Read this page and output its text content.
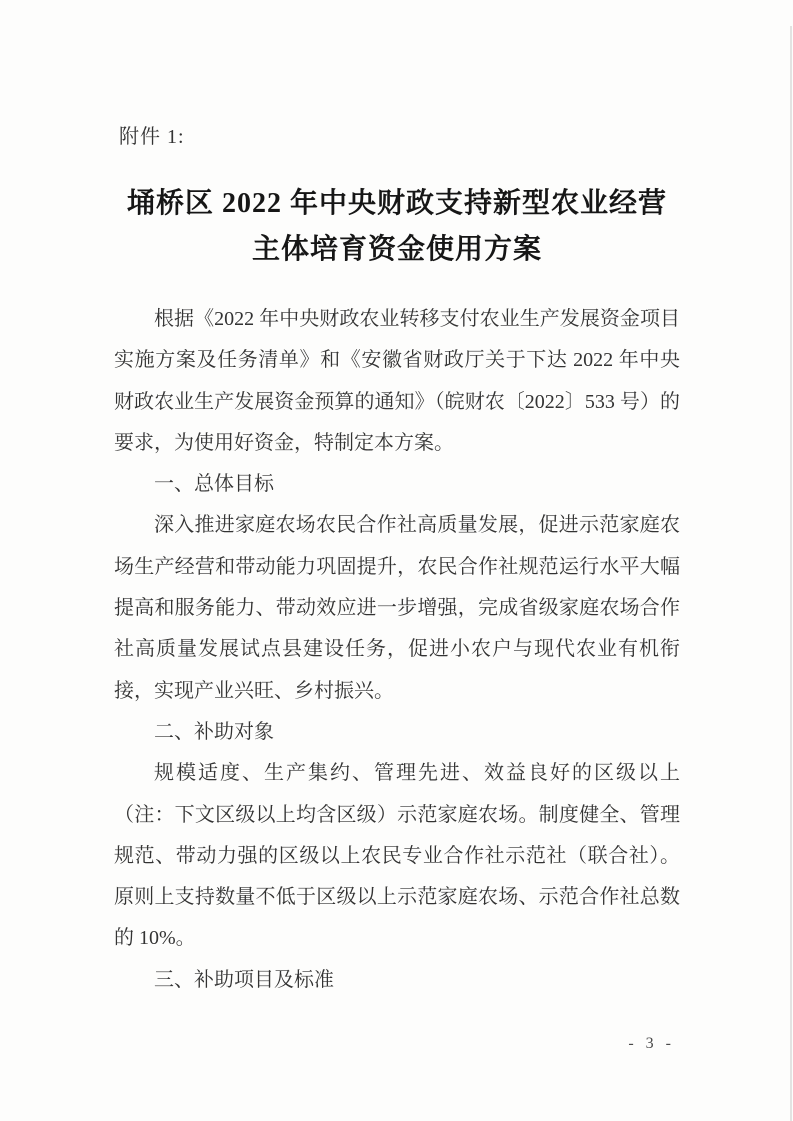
附件 1:
埇桥区 2022 年中央财政支持新型农业经营
主体培育资金使用方案

根据《2022 年中央财政农业转移支付农业生产发展资金项目实施方案及任务清单》和《安徽省财政厅关于下达 2022 年中央财政农业生产发展资金预算的通知》（皖财农〔2022〕533 号）的要求，为使用好资金，特制定本方案。

一、总体目标

深入推进家庭农场农民合作社高质量发展，促进示范家庭农场生产经营和带动能力巩固提升，农民合作社规范运行水平大幅提高和服务能力、带动效应进一步增强，完成省级家庭农场合作社高质量发展试点县建设任务，促进小农户与现代农业有机衔接，实现产业兴旺、乡村振兴。

二、补助对象

规模适度、生产集约、管理先进、效益良好的区级以上（注：下文区级以上均含区级）示范家庭农场。制度健全、管理规范、带动力强的区级以上农民专业合作社示范社（联合社）。原则上支持数量不低于区级以上示范家庭农场、示范合作社总数的 10%。

三、补助项目及标准

- 3 -
